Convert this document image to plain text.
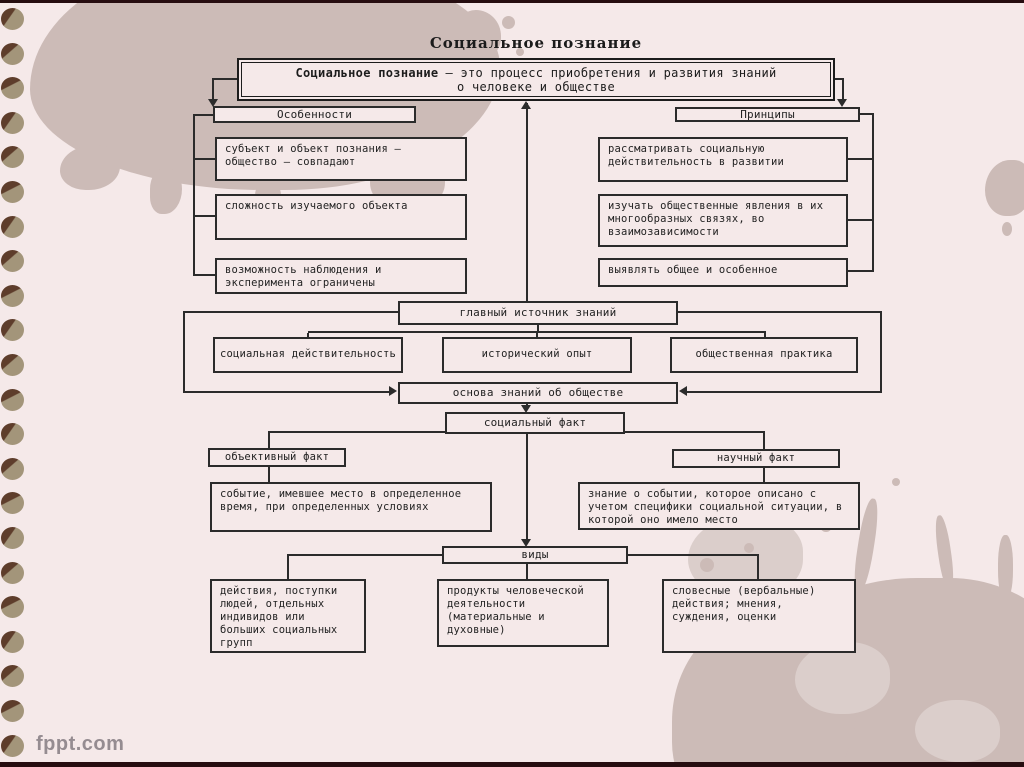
Социальное познание
Социальное познание — это процесс приобретения и развития знаний
о человеке и обществе
Особенности
субъект и объект познания — общество — совпадают
сложность изучаемого объекта
возможность наблюдения и эксперимента ограничены
Принципы
рассматривать социальную действительность в развитии
изучать общественные явления в их многообразных связях, во взаимозависимости
выявлять общее и особенное
главный источник знаний
социальная действительность	исторический опыт	общественная практика
основа знаний об обществе
социальный факт
объективный факт	научный факт
событие, имевшее место в определенное время, при определенных условиях
знание о событии, которое описано с учетом специфики социальной ситуации, в которой оно имело место
виды
действия, поступки людей, отдельных индивидов или больших социальных групп
продукты человеческой деятельности (материальные и духовные)
словесные (вербальные) действия; мнения, суждения, оценки
fppt.com
